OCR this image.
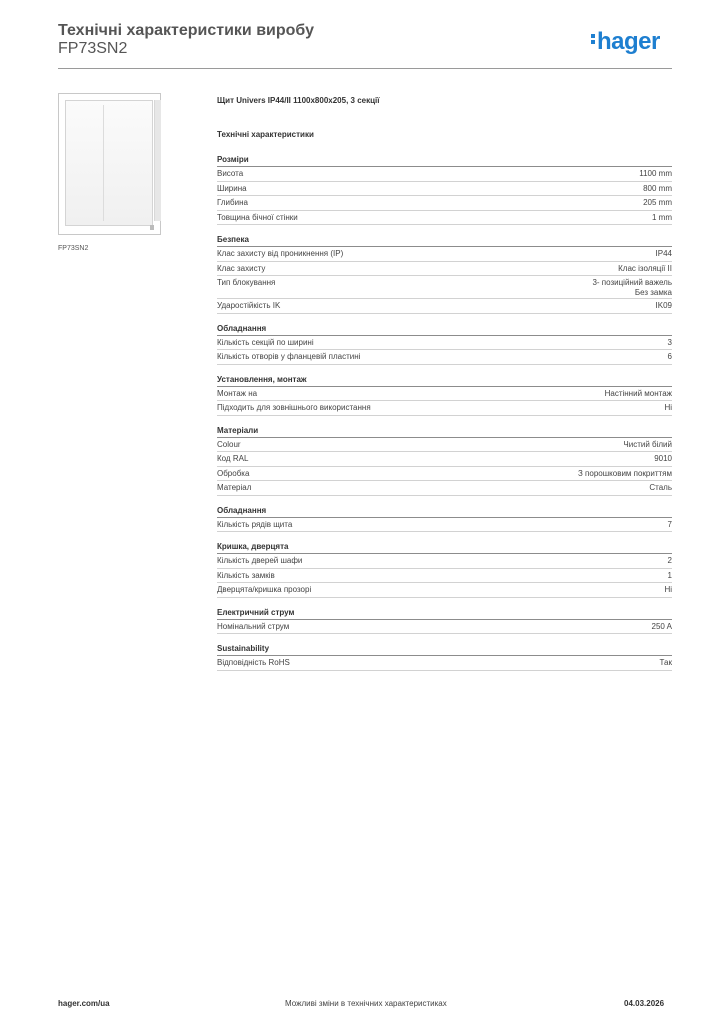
Технічні характеристики виробу
FP73SN2	hager
FP73SN2
Щит Univers IP44/II 1100x800x205, 3 секції
Технічні характеристики
Розміри
Висота	1100 mm
Ширина	800 mm
Глибина	205 mm
Товщина бічної стінки	1 mm
Безпека
Клас захисту від проникнення (IP)	IP44
Клас захисту	Клас ізоляції II
Тип блокування	3- позиційний важель
Без замка
Ударостійкість IK	IK09
Обладнання
Кількість секцій по ширині	3
Кількість отворів у фланцевій пластині	6
Установлення, монтаж
Монтаж на	Настінний монтаж
Підходить для зовнішнього використання	Ні
Матеріали
Colour	Чистий білий
Код RAL	9010
Обробка	З порошковим покриттям
Матеріал	Сталь
Обладнання
Кількість рядів щита	7
Кришка, дверцята
Кількість дверей шафи	2
Кількість замків	1
Дверцята/кришка прозорі	Ні
Електричний струм
Номінальний струм	250 A
Sustainability
Відповідність RoHS	Так
hager.com/ua	Можливі зміни в технічних характеристиках	04.03.2026
